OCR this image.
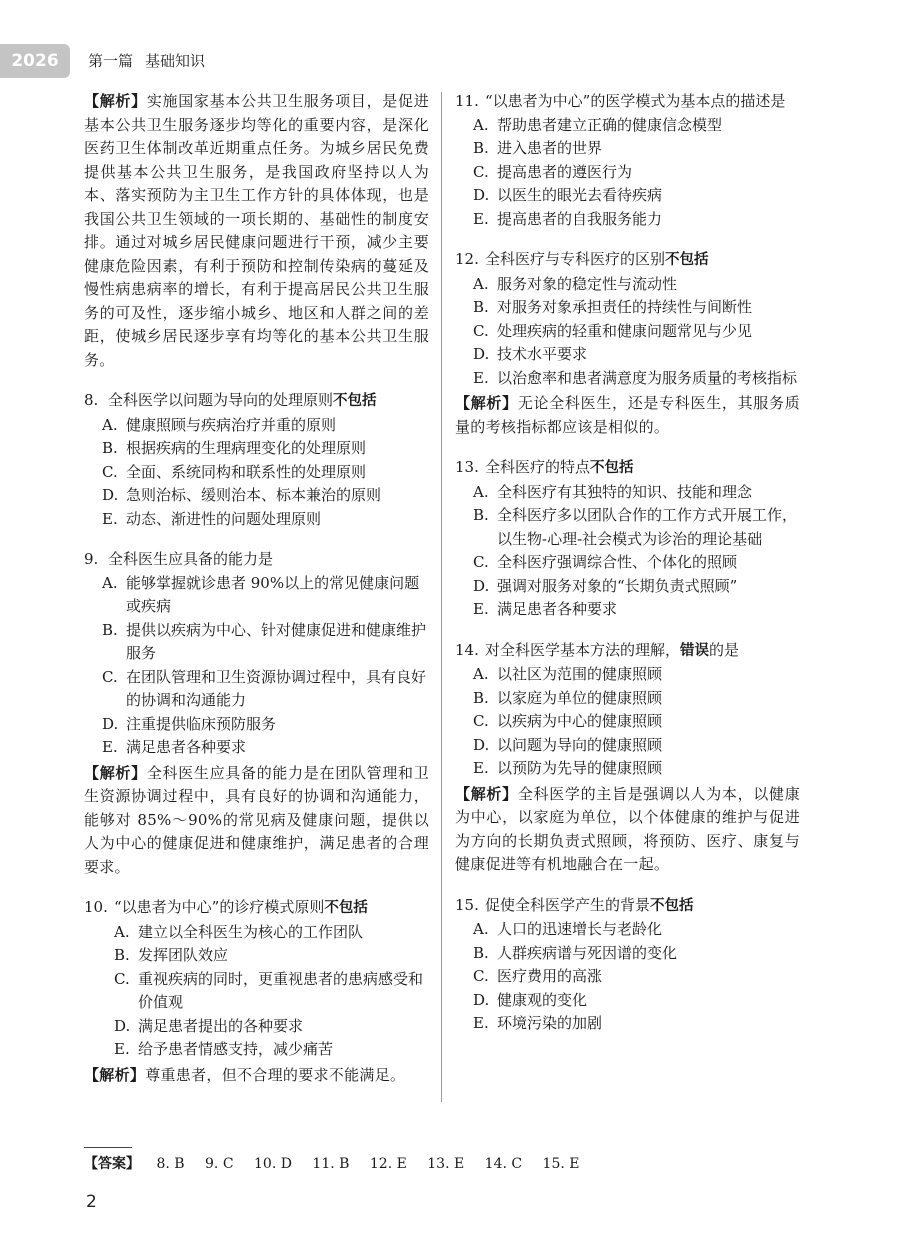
2026	第一篇 基础知识

【解析】实施国家基本公共卫生服务项目，是促进基本公共卫生服务逐步均等化的重要内容，是深化医药卫生体制改革近期重点任务。为城乡居民免费提供基本公共卫生服务，是我国政府坚持以人为本、落实预防为主卫生工作方针的具体体现，也是我国公共卫生领域的一项长期的、基础性的制度安排。通过对城乡居民健康问题进行干预，减少主要健康危险因素，有利于预防和控制传染病的蔓延及慢性病患病率的增长，有利于提高居民公共卫生服务的可及性，逐步缩小城乡、地区和人群之间的差距，使城乡居民逐步享有均等化的基本公共卫生服务。

8. 全科医学以问题为导向的处理原则不包括
A. 健康照顾与疾病治疗并重的原则
B. 根据疾病的生理病理变化的处理原则
C. 全面、系统同构和联系性的处理原则
D. 急则治标、缓则治本、标本兼治的原则
E. 动态、渐进性的问题处理原则
9. 全科医生应具备的能力是
A. 能够掌握就诊患者 90%以上的常见健康问题或疾病
B. 提供以疾病为中心、针对健康促进和健康维护服务
C. 在团队管理和卫生资源协调过程中，具有良好的协调和沟通能力
D. 注重提供临床预防服务
E. 满足患者各种要求

【解析】全科医生应具备的能力是在团队管理和卫生资源协调过程中，具有良好的协调和沟通能力，能够对 85%～90%的常见病及健康问题，提供以人为中心的健康促进和健康维护，满足患者的合理要求。

10. “以患者为中心”的诊疗模式原则不包括
A. 建立以全科医生为核心的工作团队
B. 发挥团队效应
C. 重视疾病的同时，更重视患者的患病感受和价值观
D. 满足患者提出的各种要求
E. 给予患者情感支持，减少痛苦

【解析】尊重患者，但不合理的要求不能满足。

11. “以患者为中心”的医学模式为基本点的描述是
A. 帮助患者建立正确的健康信念模型
B. 进入患者的世界
C. 提高患者的遵医行为
D. 以医生的眼光去看待疾病
E. 提高患者的自我服务能力
12. 全科医疗与专科医疗的区别不包括
A. 服务对象的稳定性与流动性
B. 对服务对象承担责任的持续性与间断性
C. 处理疾病的轻重和健康问题常见与少见
D. 技术水平要求
E. 以治愈率和患者满意度为服务质量的考核指标

【解析】无论全科医生，还是专科医生，其服务质量的考核指标都应该是相似的。

13. 全科医疗的特点不包括
A. 全科医疗有其独特的知识、技能和理念
B. 全科医疗多以团队合作的工作方式开展工作，以生物-心理-社会模式为诊治的理论基础
C. 全科医疗强调综合性、个体化的照顾
D. 强调对服务对象的“长期负责式照顾”
E. 满足患者各种要求
14. 对全科医学基本方法的理解，错误的是
A. 以社区为范围的健康照顾
B. 以家庭为单位的健康照顾
C. 以疾病为中心的健康照顾
D. 以问题为导向的健康照顾
E. 以预防为先导的健康照顾

【解析】全科医学的主旨是强调以人为本，以健康为中心，以家庭为单位，以个体健康的维护与促进为方向的长期负责式照顾，将预防、医疗、康复与健康促进等有机地融合在一起。

15. 促使全科医学产生的背景不包括
A. 人口的迅速增长与老龄化
B. 人群疾病谱与死因谱的变化
C. 医疗费用的高涨
D. 健康观的变化
E. 环境污染的加剧
【答案】 8. B 9. C 10. D 11. B 12. E 13. E 14. C 15. E
2
